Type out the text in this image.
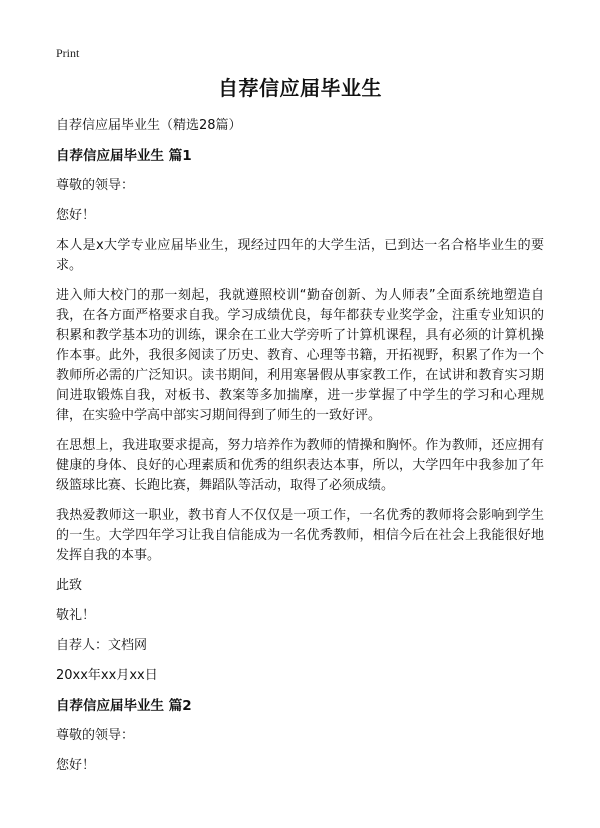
Print
自荐信应届毕业生
自荐信应届毕业生（精选28篇）
自荐信应届毕业生 篇1
尊敬的领导：
您好！
本人是x大学专业应届毕业生，现经过四年的大学生活，已到达一名合格毕业生的要求。
进入师大校门的那一刻起，我就遵照校训“勤奋创新、为人师表”全面系统地塑造自我，在各方面严格要求自我。学习成绩优良，每年都获专业奖学金，注重专业知识的积累和教学基本功的训练，课余在工业大学旁听了计算机课程，具有必须的计算机操作本事。此外，我很多阅读了历史、教育、心理等书籍，开拓视野，积累了作为一个教师所必需的广泛知识。读书期间，利用寒暑假从事家教工作，在试讲和教育实习期间进取锻炼自我，对板书、教案等多加揣摩，进一步掌握了中学生的学习和心理规律，在实验中学高中部实习期间得到了师生的一致好评。
在思想上，我进取要求提高，努力培养作为教师的情操和胸怀。作为教师，还应拥有健康的身体、良好的心理素质和优秀的组织表达本事，所以，大学四年中我参加了年级篮球比赛、长跑比赛，舞蹈队等活动，取得了必须成绩。
我热爱教师这一职业，教书育人不仅仅是一项工作，一名优秀的教师将会影响到学生的一生。大学四年学习让我自信能成为一名优秀教师，相信今后在社会上我能很好地发挥自我的本事。
此致
敬礼！
自荐人：文档网
20xx年xx月xx日
自荐信应届毕业生 篇2
尊敬的领导：
您好！
